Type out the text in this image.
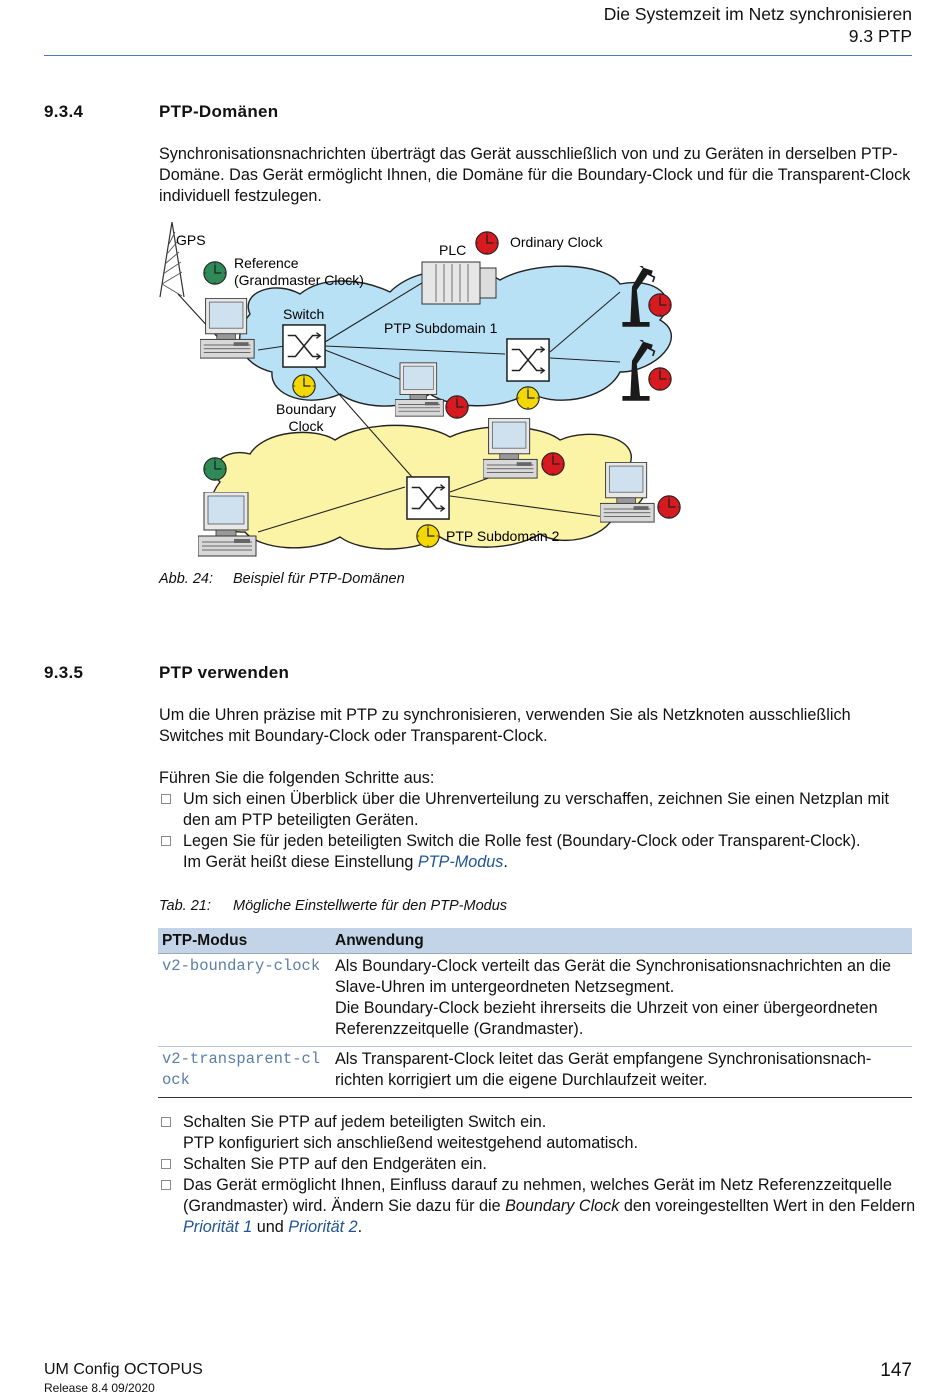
Die Systemzeit im Netz synchronisieren
9.3 PTP
9.3.4	PTP-Domänen

Synchronisationsnachrichten überträgt das Gerät ausschließlich von und zu Geräten in derselben PTP-Domäne. Das Gerät ermöglicht Ihnen, die Domäne für die Boundary-Clock und für die Transparent-Clock individuell festzulegen.

GPS
Reference
(Grandmaster Clock)
PLC	Ordinary Clock
Switch
PTP Subdomain 1
Boundary
Clock
PTP Subdomain 2
Abb. 24: Beispiel für PTP-Domänen
9.3.5	PTP verwenden

Um die Uhren präzise mit PTP zu synchronisieren, verwenden Sie als Netzknoten ausschließlich Switches mit Boundary-Clock oder Transparent-Clock.

Führen Sie die folgenden Schritte aus:

Um sich einen Überblick über die Uhrenverteilung zu verschaffen, zeichnen Sie einen Netzplan mit den am PTP beteiligten Geräten.
Legen Sie für jeden beteiligten Switch die Rolle fest (Boundary-Clock oder Transparent-Clock).
Im Gerät heißt diese Einstellung PTP-Modus.
Tab. 21: Mögliche Einstellwerte für den PTP-Modus
PTP-Modus	Anwendung
v2-boundary-clock	Als Boundary-Clock verteilt das Gerät die Synchronisationsnachrichten an die Slave-Uhren im untergeordneten Netzsegment.
Die Boundary-Clock bezieht ihrerseits die Uhrzeit von einer übergeordneten Referenzzeitquelle (Grandmaster).
v2-transparent-clock	Als Transparent-Clock leitet das Gerät empfangene Synchronisationsnachrichten korrigiert um die eigene Durchlaufzeit weiter.
Schalten Sie PTP auf jedem beteiligten Switch ein.
PTP konfiguriert sich anschließend weitestgehend automatisch.
Schalten Sie PTP auf den Endgeräten ein.
Das Gerät ermöglicht Ihnen, Einfluss darauf zu nehmen, welches Gerät im Netz Referenzzeitquelle (Grandmaster) wird. Ändern Sie dazu für die Boundary Clock den voreingestellten Wert in den Feldern Priorität 1 und Priorität 2.
UM Config OCTOPUS
Release 8.4 09/2020
147
